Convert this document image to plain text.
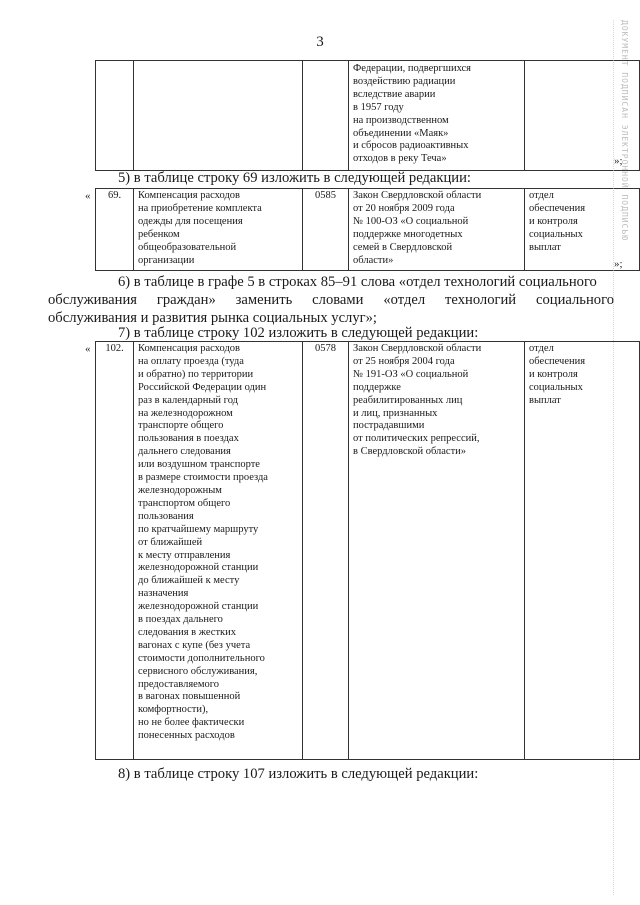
3
			Федерации, подвергшихся
воздействию радиации
вследствие аварии
в 1957 году
на производственном
объединении «Маяк»
и сбросов радиоактивных
отходов в реку Теча»		»;
5) в таблице строку 69 изложить в следующей редакции:
« 69.	Компенсация расходов
на приобретение комплекта
одежды для посещения
ребенком
общеобразовательной
организации	0585	Закон Свердловской области
от 20 ноября 2009 года
№ 100-ОЗ «О социальной
поддержке многодетных
семей в Свердловской
области»	отдел
обеспечения
и контроля
социальных
выплат
»;
6) в таблице в графе 5 в строках 85–91 слова «отдел технологий социального
обслуживания граждан» заменить словами «отдел технологий социального
обслуживания и развития рынка социальных услуг»;
7) в таблице строку 102 изложить в следующей редакции:
« 102.	Компенсация расходов
на оплату проезда (туда
и обратно) по территории
Российской Федерации один
раз в календарный год
на железнодорожном
транспорте общего
пользования в поездах
дальнего следования
или воздушном транспорте
в размере стоимости проезда
железнодорожным
транспортом общего
пользования
по кратчайшему маршруту
от ближайшей
к месту отправления
железнодорожной станции
до ближайшей к месту
назначения
железнодорожной станции
в поездах дальнего
следования в жестких
вагонах с купе (без учета
стоимости дополнительного
сервисного обслуживания,
предоставляемого
в вагонах повышенной
комфортности),
но не более фактически
понесенных расходов	0578	Закон Свердловской области
от 25 ноября 2004 года
№ 191-ОЗ «О социальной
поддержке
реабилитированных лиц
и лиц, признанных
пострадавшими
от политических репрессий,
в Свердловской области»	отдел
обеспечения
и контроля
социальных
выплат
8) в таблице строку 107 изложить в следующей редакции:
ДОКУМЕНТ ПОДПИСАН ЭЛЕКТРОННОЙ ПОДПИСЬЮ
